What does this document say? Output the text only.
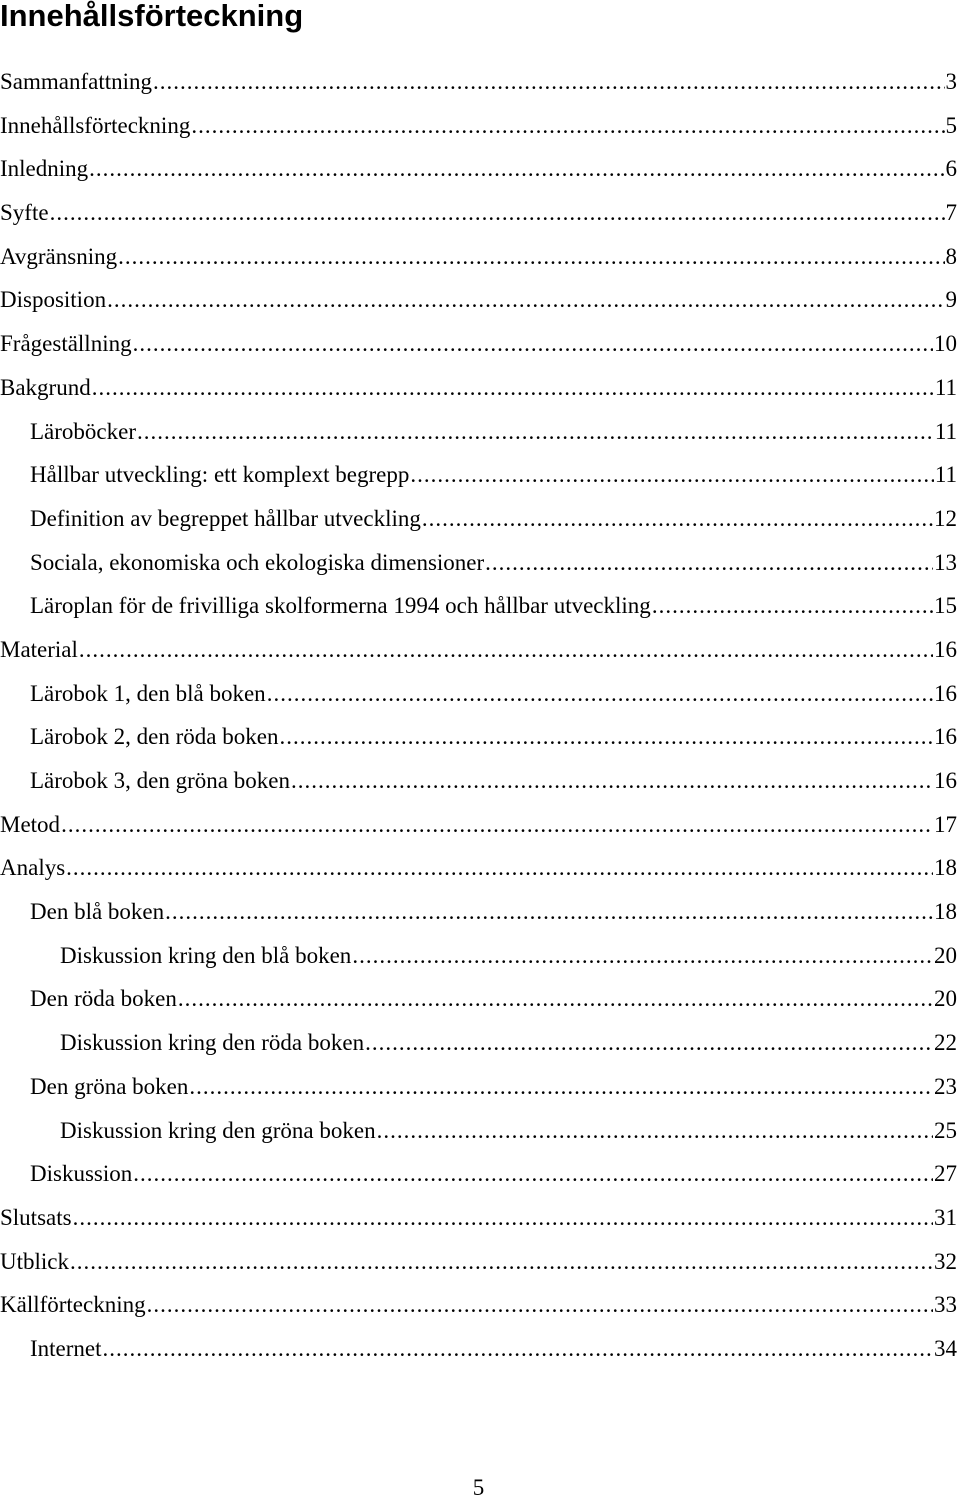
Innehållsförteckning
Sammanfattning .....	3
Innehållsförteckning .....	5
Inledning .....	6
Syfte .....	7
Avgränsning .....	8
Disposition .....	9
Frågeställning .....	10
Bakgrund .....	11
Läroböcker .....	11
Hållbar utveckling: ett komplext begrepp .....	11
Definition av begreppet hållbar utveckling .....	12
Sociala, ekonomiska och ekologiska dimensioner .....	13
Läroplan för de frivilliga skolformerna 1994 och hållbar utveckling .....	15
Material .....	16
Lärobok 1, den blå boken .....	16
Lärobok 2, den röda boken .....	16
Lärobok 3, den gröna boken .....	16
Metod .....	17
Analys .....	18
Den blå boken .....	18
Diskussion kring den blå boken .....	20
Den röda boken .....	20
Diskussion kring den röda boken .....	22
Den gröna boken .....	23
Diskussion kring den gröna boken .....	25
Diskussion .....	27
Slutsats .....	31
Utblick .....	32
Källförteckning .....	33
Internet .....	34
5
